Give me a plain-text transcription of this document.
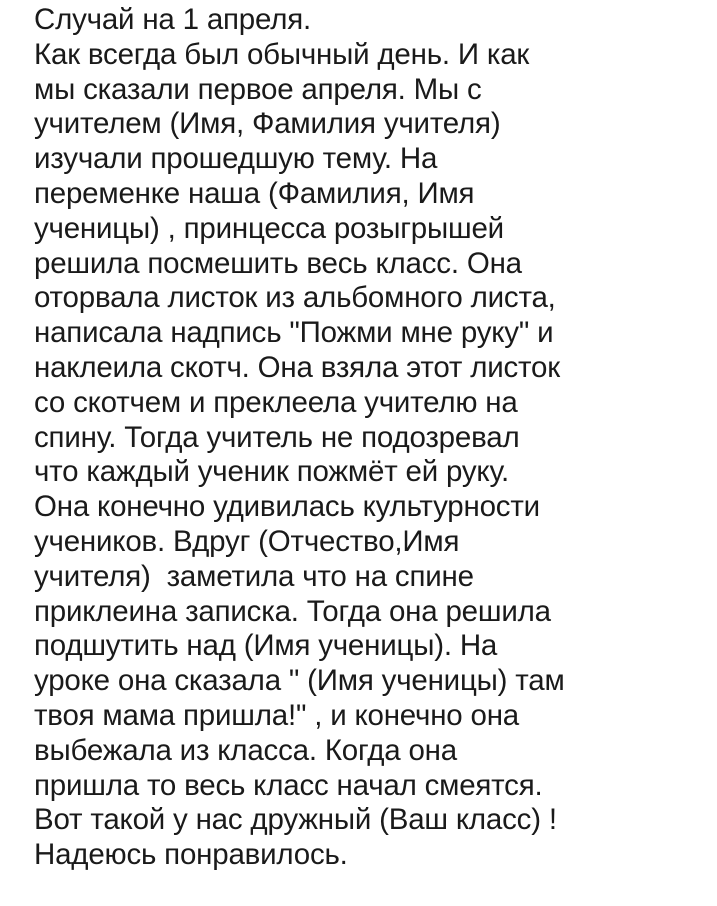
Случай на 1 апреля.
Как всегда был обычный день. И как
мы сказали первое апреля. Мы с
учителем (Имя, Фамилия учителя)
изучали прошедшую тему. На
переменке наша (Фамилия, Имя
ученицы) , принцесса розыгрышей
решила посмешить весь класс. Она
оторвала листок из альбомного листа,
написала надпись "Пожми мне руку" и
наклеила скотч. Она взяла этот листок
со скотчем и преклеела учителю на
спину. Тогда учитель не подозревал
что каждый ученик пожмёт ей руку.
Она конечно удивилась культурности
учеников. Вдруг (Отчество,Имя
учителя)  заметила что на спине
приклеина записка. Тогда она решила
подшутить над (Имя ученицы). На
уроке она сказала " (Имя ученицы) там
твоя мама пришла!" , и конечно она
выбежала из класса. Когда она
пришла то весь класс начал смеятся.
Вот такой у нас дружный (Ваш класс) !
Надеюсь понравилось.
